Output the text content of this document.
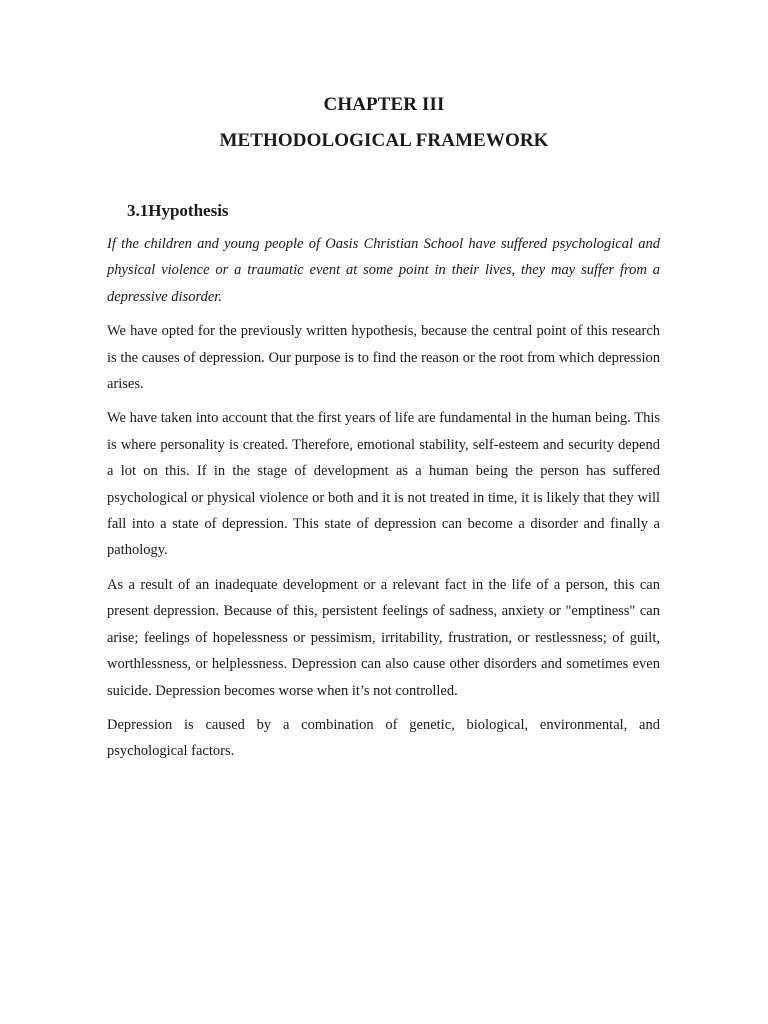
CHAPTER III
METHODOLOGICAL FRAMEWORK
3.1Hypothesis

If the children and young people of Oasis Christian School have suffered psychological and physical violence or a traumatic event at some point in their lives, they may suffer from a depressive disorder.

We have opted for the previously written hypothesis, because the central point of this research is the causes of depression. Our purpose is to find the reason or the root from which depression arises.

We have taken into account that the first years of life are fundamental in the human being. This is where personality is created. Therefore, emotional stability, self-esteem and security depend a lot on this. If in the stage of development as a human being the person has suffered psychological or physical violence or both and it is not treated in time, it is likely that they will fall into a state of depression. This state of depression can become a disorder and finally a pathology.

As a result of an inadequate development or a relevant fact in the life of a person, this can present depression. Because of this, persistent feelings of sadness, anxiety or "emptiness" can arise; feelings of hopelessness or pessimism, irritability, frustration, or restlessness; of guilt, worthlessness, or helplessness. Depression can also cause other disorders and sometimes even suicide. Depression becomes worse when it’s not controlled.

Depression is caused by a combination of genetic, biological, environmental, and psychological factors.
